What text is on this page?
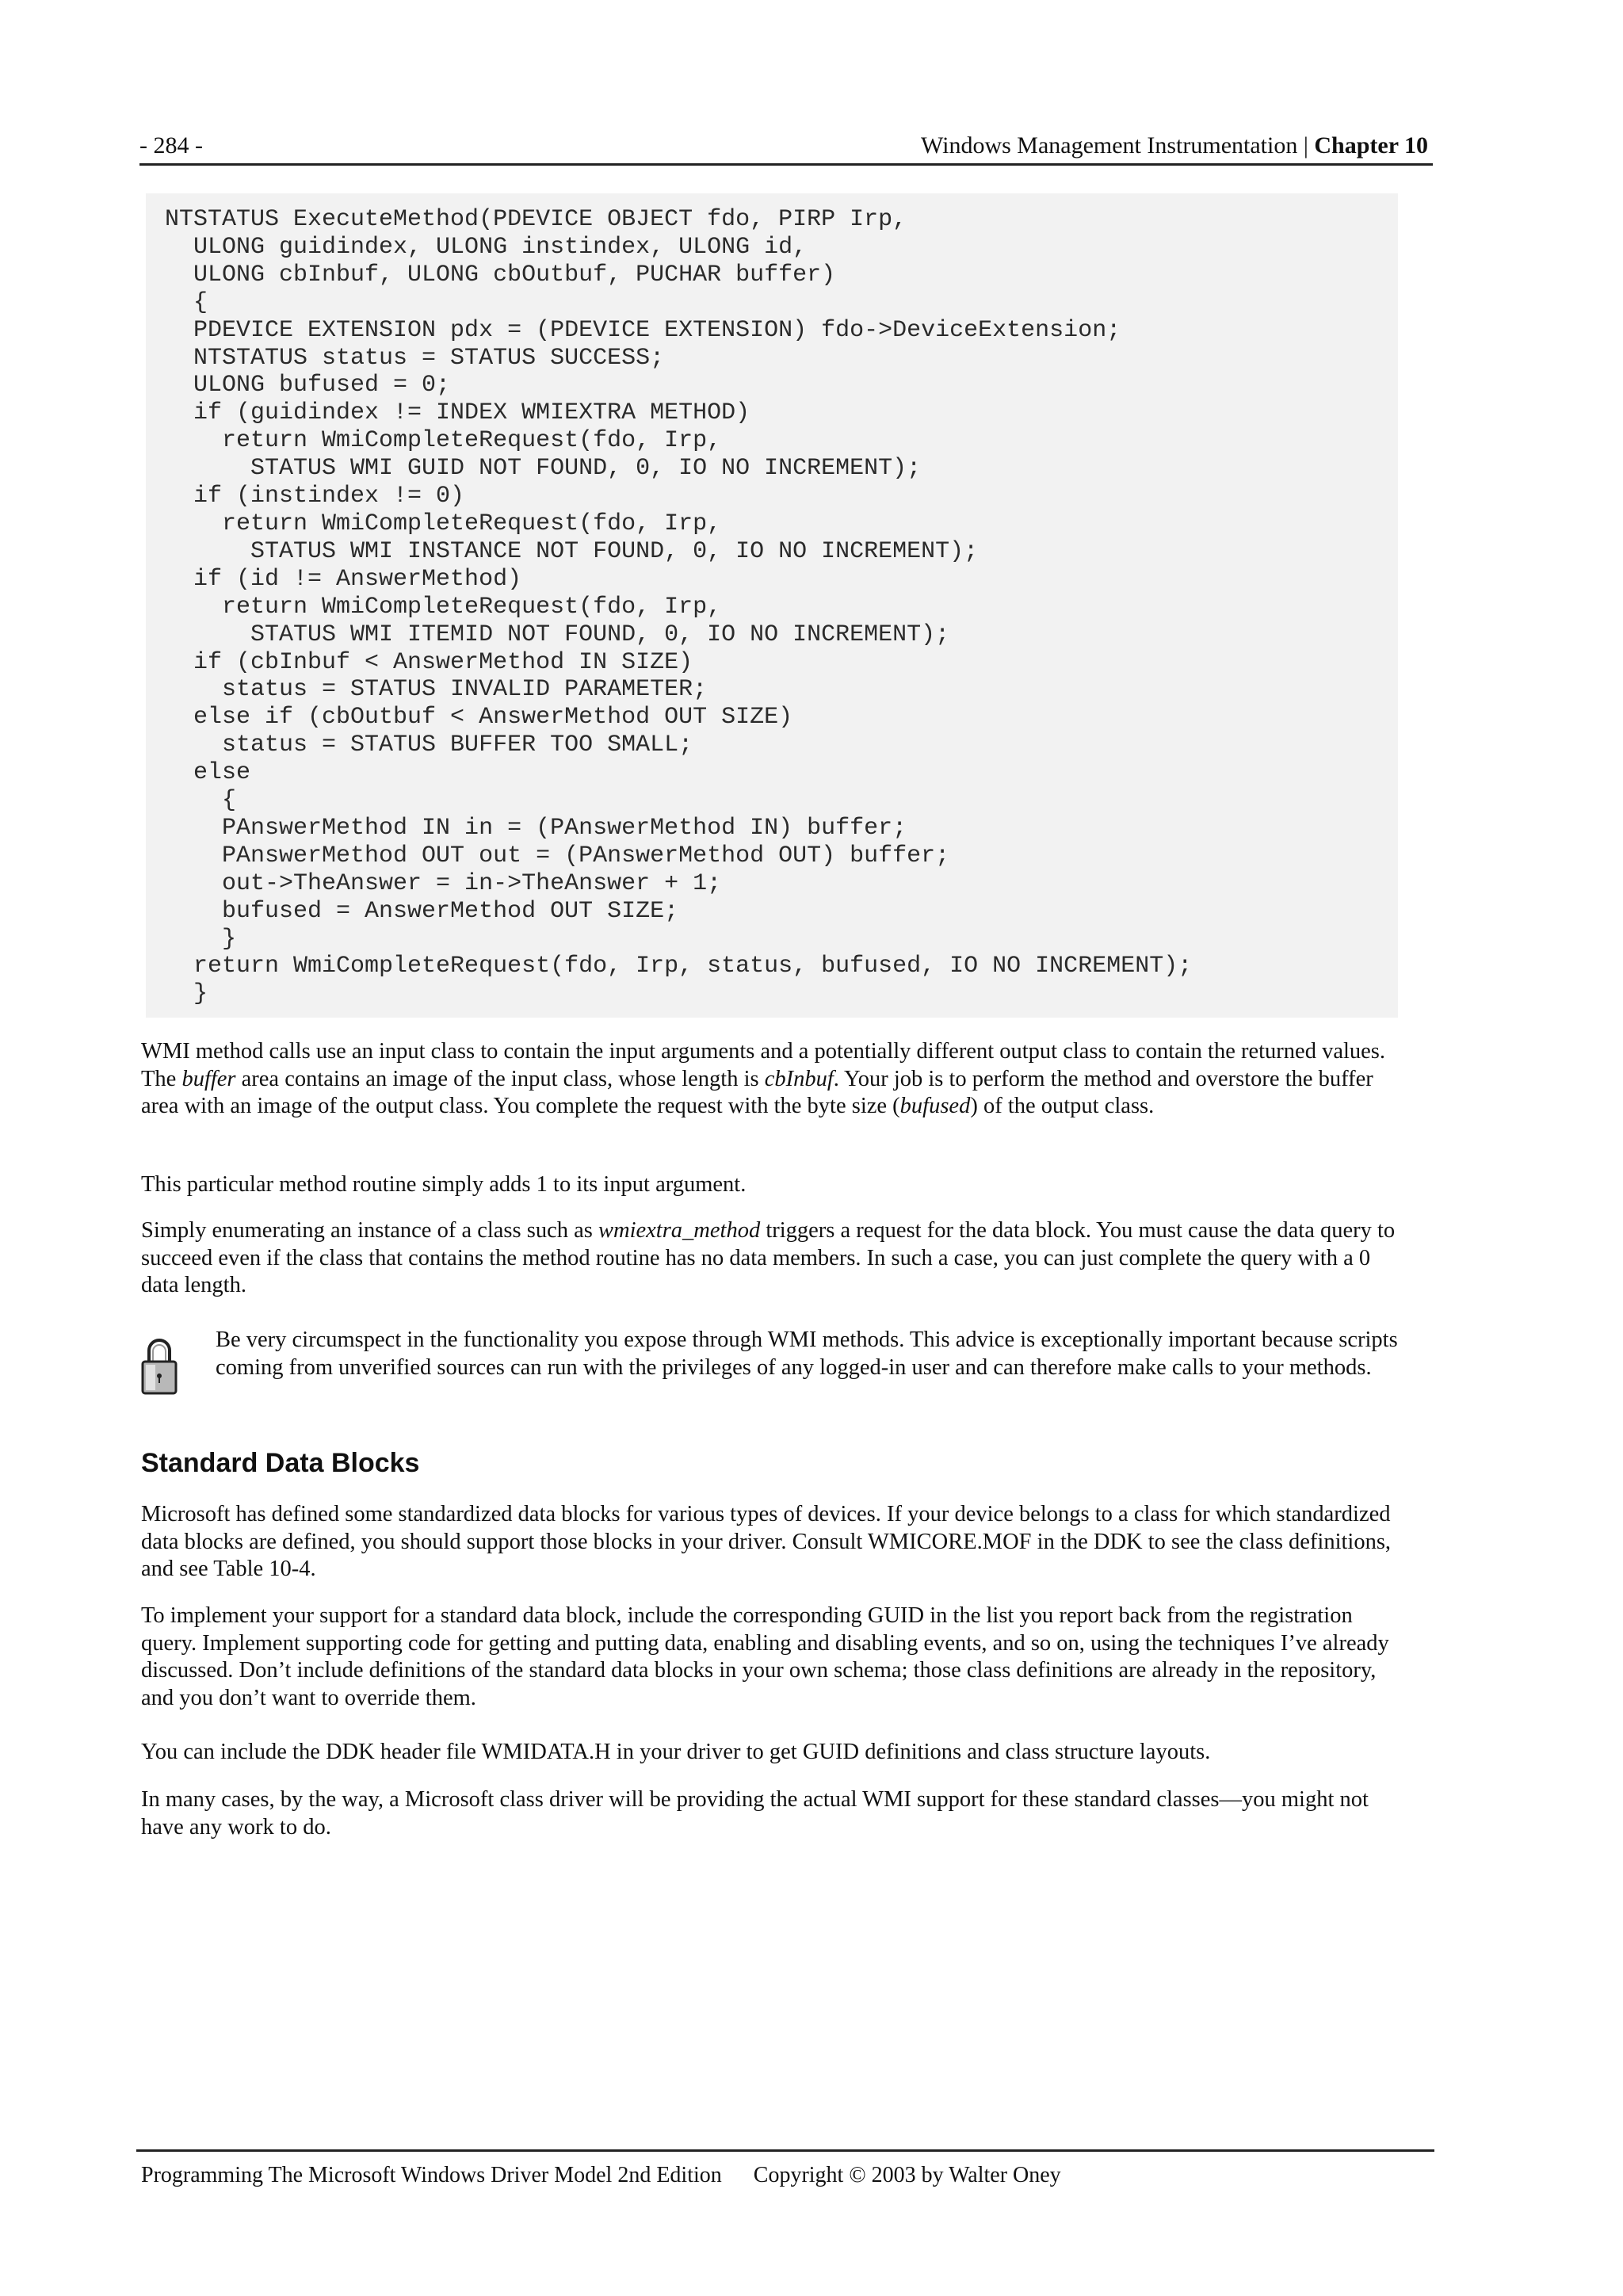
- 284 -	Windows Management Instrumentation | Chapter 10
NTSTATUS ExecuteMethod(PDEVICE OBJECT fdo, PIRP Irp,
ULONG guidindex, ULONG instindex, ULONG id,
ULONG cbInbuf, ULONG cbOutbuf, PUCHAR buffer)
{
PDEVICE EXTENSION pdx = (PDEVICE EXTENSION) fdo->DeviceExtension;
NTSTATUS status = STATUS SUCCESS;
ULONG bufused = 0;
if (guidindex != INDEX WMIEXTRA METHOD)
return WmiCompleteRequest(fdo, Irp,
STATUS WMI GUID NOT FOUND, 0, IO NO INCREMENT);
if (instindex != 0)
return WmiCompleteRequest(fdo, Irp,
STATUS WMI INSTANCE NOT FOUND, 0, IO NO INCREMENT);
if (id != AnswerMethod)
return WmiCompleteRequest(fdo, Irp,
STATUS WMI ITEMID NOT FOUND, 0, IO NO INCREMENT);
if (cbInbuf < AnswerMethod IN SIZE)
status = STATUS INVALID PARAMETER;
else if (cbOutbuf < AnswerMethod OUT SIZE)
status = STATUS BUFFER TOO SMALL;
else
{
PAnswerMethod IN in = (PAnswerMethod IN) buffer;
PAnswerMethod OUT out = (PAnswerMethod OUT) buffer;
out->TheAnswer = in->TheAnswer + 1;
bufused = AnswerMethod OUT SIZE;
}
return WmiCompleteRequest(fdo, Irp, status, bufused, IO NO INCREMENT);
}

WMI method calls use an input class to contain the input arguments and a potentially different output class to contain the returned values. The buffer area contains an image of the input class, whose length is cbInbuf. Your job is to perform the method and overstore the buffer area with an image of the output class. You complete the request with the byte size (bufused) of the output class.

This particular method routine simply adds 1 to its input argument.

Simply enumerating an instance of a class such as wmiextra_method triggers a request for the data block. You must cause the data query to succeed even if the class that contains the method routine has no data members. In such a case, you can just complete the query with a 0 data length.

Be very circumspect in the functionality you expose through WMI methods. This advice is exceptionally important because scripts coming from unverified sources can run with the privileges of any logged-in user and can therefore make calls to your methods.

Standard Data Blocks

Microsoft has defined some standardized data blocks for various types of devices. If your device belongs to a class for which standardized data blocks are defined, you should support those blocks in your driver. Consult WMICORE.MOF in the DDK to see the class definitions, and see Table 10-4.

To implement your support for a standard data block, include the corresponding GUID in the list you report back from the registration query. Implement supporting code for getting and putting data, enabling and disabling events, and so on, using the techniques I’ve already discussed. Don’t include definitions of the standard data blocks in your own schema; those class definitions are already in the repository, and you don’t want to override them.

You can include the DDK header file WMIDATA.H in your driver to get GUID definitions and class structure layouts.

In many cases, by the way, a Microsoft class driver will be providing the actual WMI support for these standard classes—you might not have any work to do.

Programming The Microsoft Windows Driver Model 2nd Edition Copyright © 2003 by Walter Oney
